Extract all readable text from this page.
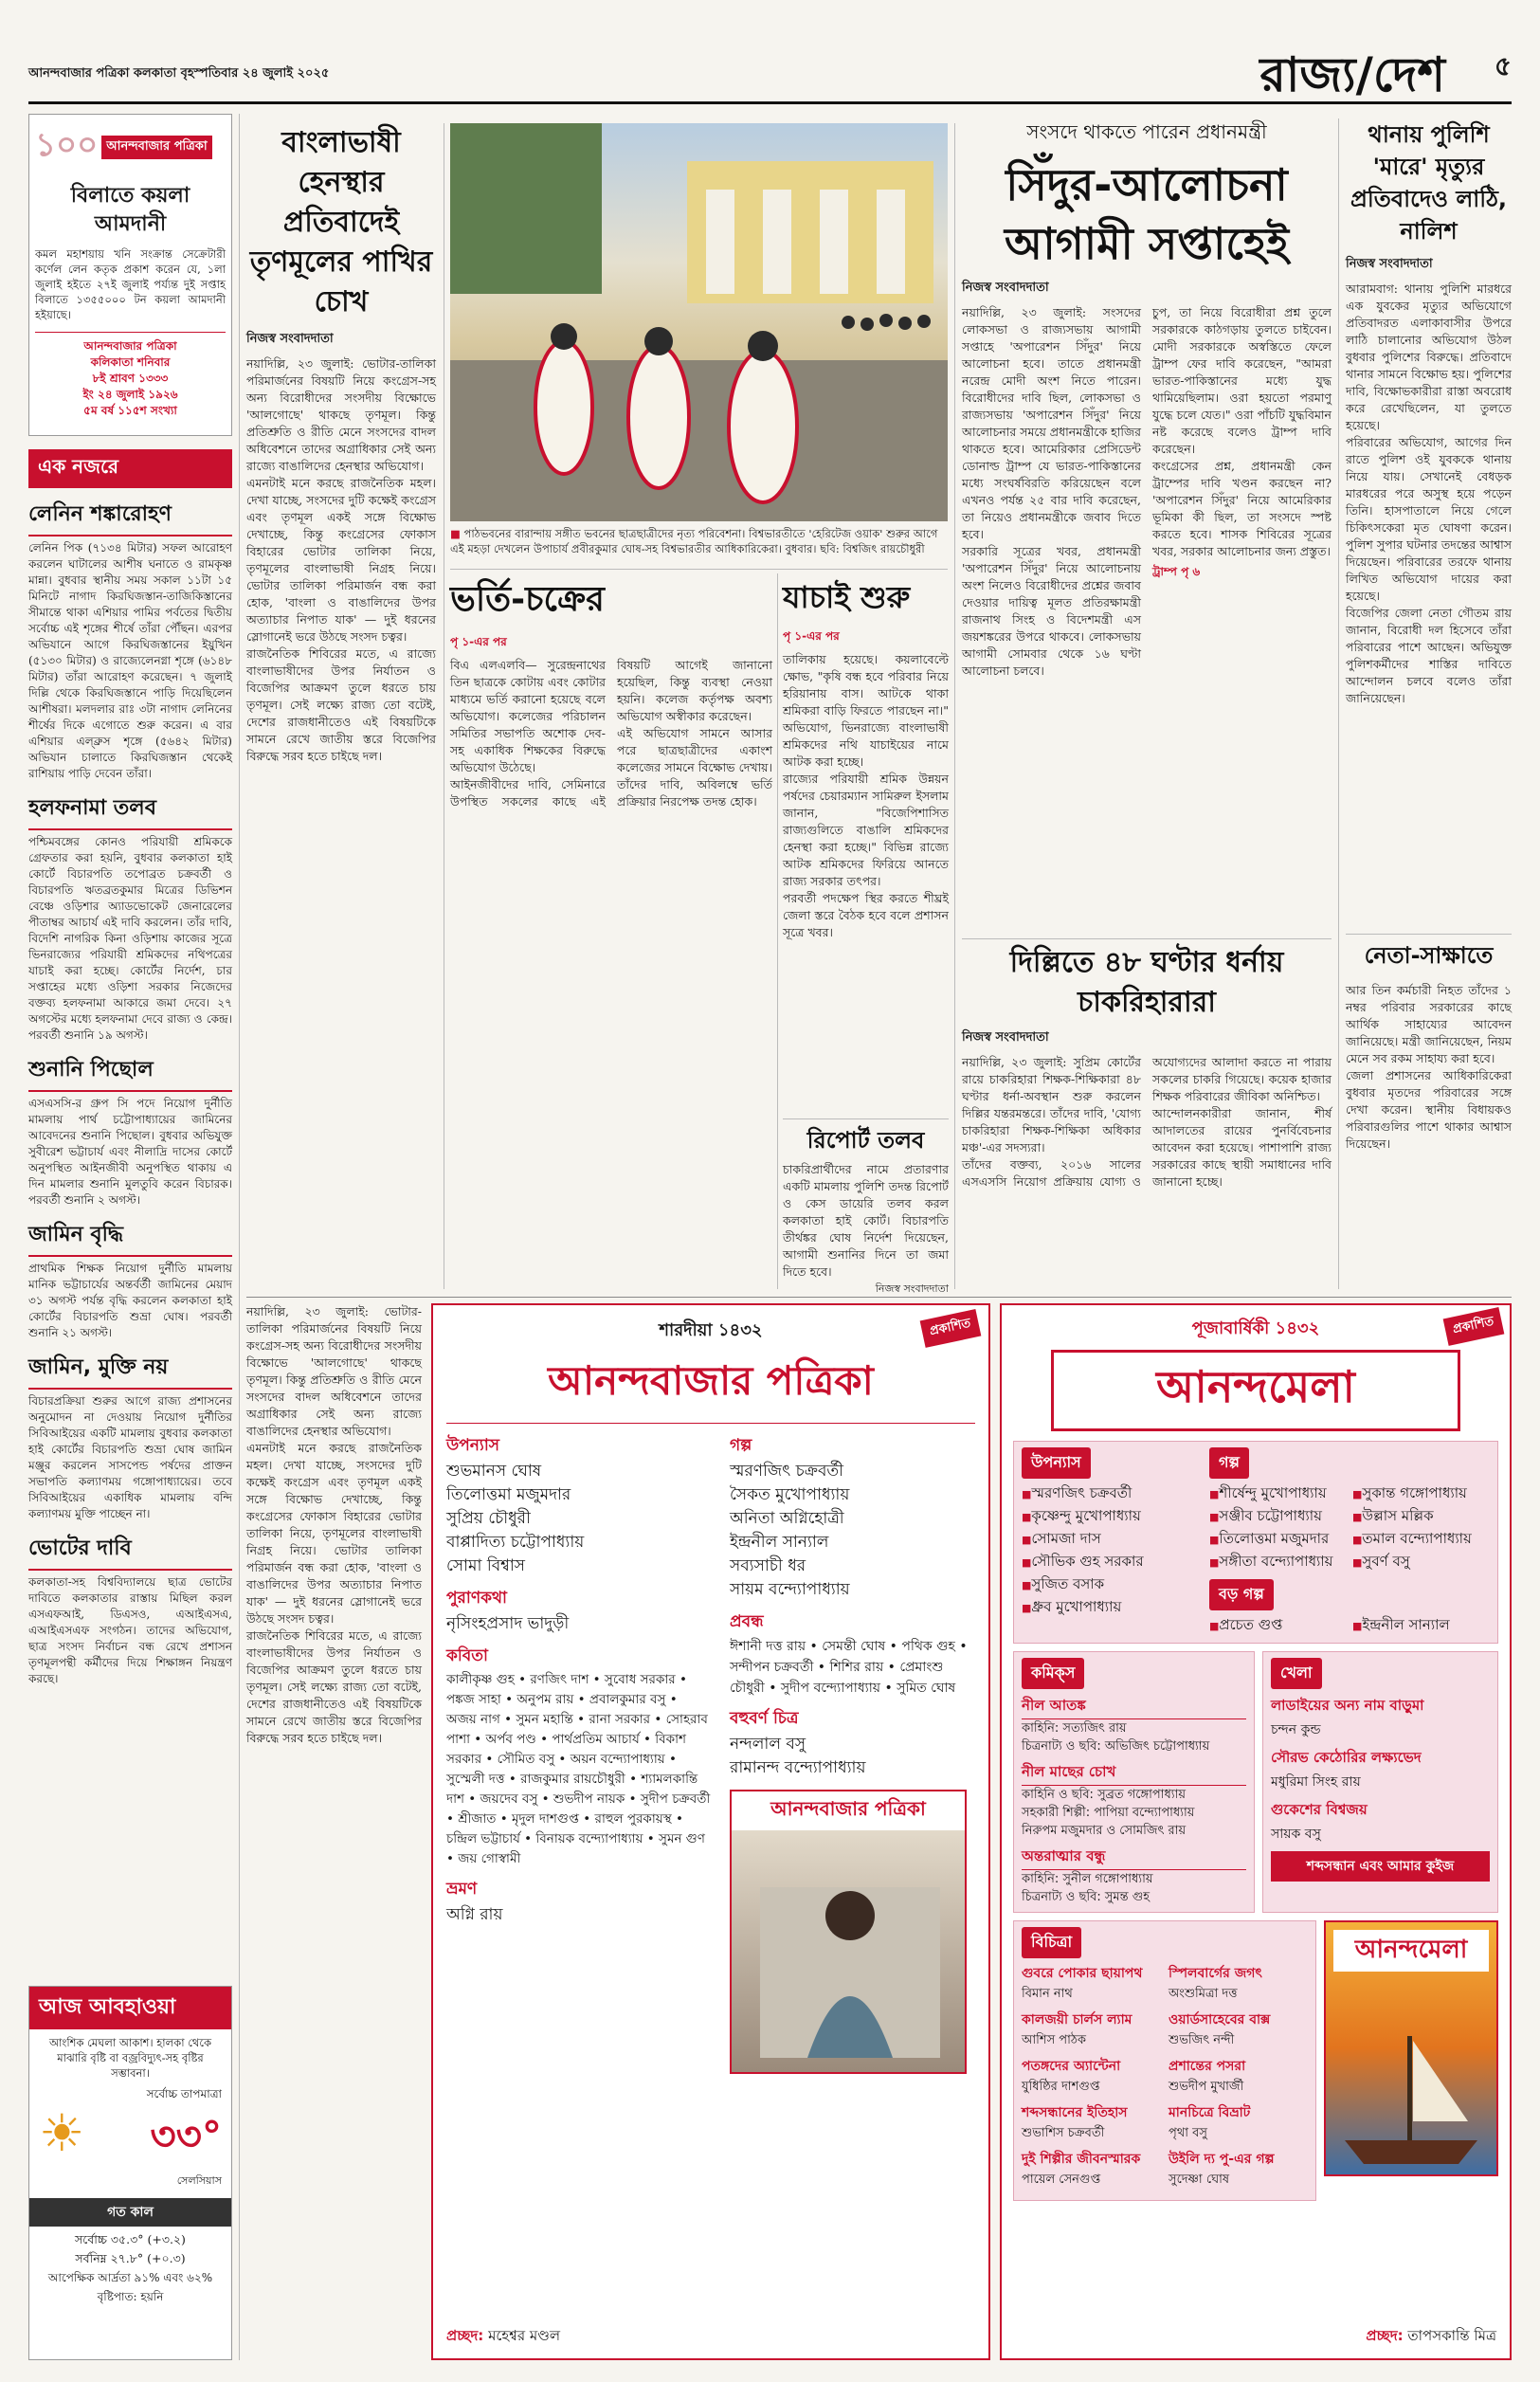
আনন্দবাজার পত্রিকা কলকাতা বৃহস্পতিবার ২৪ জুলাই ২০২৫	রাজ্য/দেশ ৫
১০০ আনন্দবাজার পত্রিকা
বিলাতে কয়লা আমদানী
কমল মহাশয়ায় খনি সংক্রান্ত সেক্রেটারী কর্ণেল লেন কতৃক প্রকাশ করেন যে, ১লা জুলাই হইতে ২৭ই জুলাই পর্য্যন্ত দুই সপ্তাহ বিলাতে ১৩৫৫০০০ টন কয়লা আমদানী হইয়াছে।
আনন্দবাজার পত্রিকা
কলিকাতা শনিবার
৮ই শ্রাবণ ১৩৩৩
ইং ২৪ জুলাই ১৯২৬
৫ম বর্ষ ১১৫শ সংখ্যা
এক নজরে
লেনিন শঙ্কারোহণ
লেনিন পিক (৭১৩৪ মিটার) সফল আরোহণ করলেন ঘাটালের আশীষ ঘনাতে ও রামকৃষ্ণ মান্না। বুধবার স্থানীয় সময় সকাল ১১টা ১৫ মিনিটে নাগাদ কিরঘিজস্তান-তাজিকিস্তানের সীমান্তে থাকা এশিয়ার পামির পর্বতের দ্বিতীয় সর্বোচ্চ এই শৃঙ্গের শীর্ষে তাঁরা পৌঁছন। এরপর অভিযানে আগে কিরঘিজস্তানের ইয়ুখিন (৫১৩০ মিটার) ও রাজ্যেলেনগ্না শৃঙ্গে (৬১৪৮ মিটার) তাঁরা আরোহণ করেছেন। ৭ জুলাই দিল্লি থেকে কিরঘিজস্তানে পাড়ি দিয়েছিলেন আশীষরা। মলদলার রাঃ ৩টা নাগাদ লেনিনের শীর্ষের দিকে এগোতে শুরু করেন। এ বার এশিয়ার এল্‌ব্রুস শৃঙ্গে (৫৬৪২ মিটার) অভিযান চালাতে কিরঘিজস্তান থেকেই রাশিয়ায় পাড়ি দেবেন তাঁরা।
হলফনামা তলব
পশ্চিমবঙ্গের কোনও পরিযায়ী শ্রমিককে গ্রেফতার করা হয়নি, বুধবার কলকাতা হাই কোর্টে বিচারপতি তপোব্রত চক্রবর্তী ও বিচারপতি ঋতব্রতকুমার মিত্রের ডিভিশন বেঞ্চে ওড়িশার অ্যাডভোকেট জেনারেলের পীতাম্বর আচার্য এই দাবি করলেন। তাঁর দাবি, বিদেশি নাগরিক কিনা ওড়িশায় কাজের সূত্রে ভিনরাজ্যের পরিযায়ী শ্রমিকদের নথিপত্রের যাচাই করা হচ্ছে। কোর্টের নির্দেশ, চার সপ্তাহের মধ্যে ওড়িশা সরকার নিজেদের বক্তব্য হলফনামা আকারে জমা দেবে। ২৭ অগস্টের মধ্যে হলফনামা দেবে রাজ্য ও কেন্দ্র। পরবর্তী শুনানি ১৯ অগস্ট।
শুনানি পিছোল
এসএসসি-র গ্রুপ সি পদে নিয়োগ দুর্নীতি মামলায় পার্থ চট্টোপাধ্যায়ের জামিনের আবেদনের শুনানি পিছোল। বুধবার অভিযুক্ত সুবীরেশ ভট্টাচার্য এবং নীলাদ্রি দাসের কোর্টে অনুপস্থিত আইনজীবী অনুপস্থিত থাকায় এ দিন মামলার শুনানি মুলতুবি করেন বিচারক। পরবর্তী শুনানি ২ অগস্ট।
জামিন বৃদ্ধি
প্রাথমিক শিক্ষক নিয়োগ দুর্নীতি মামলায় মানিক ভট্টাচার্যের অন্তর্বর্তী জামিনের মেয়াদ ৩১ অগস্ট পর্যন্ত বৃদ্ধি করলেন কলকাতা হাই কোর্টের বিচারপতি শুভ্রা ঘোষ। পরবর্তী শুনানি ২১ অগস্ট।
জামিন, মুক্তি নয়
বিচারপ্রক্রিয়া শুরুর আগে রাজ্য প্রশাসনের অনুমোদন না দেওয়ায় নিয়োগ দুর্নীতির সিবিআইয়ের একটি মামলায় বুধবার কলকাতা হাই কোর্টের বিচারপতি শুভ্রা ঘোষ জামিন মঞ্জুর করলেন সাসপেন্ড পর্ষদের প্রাক্তন সভাপতি কল্যাণময় গঙ্গোপাধ্যায়ের। তবে সিবিআইয়ের একাধিক মামলায় বন্দি কল্যাণময় মুক্তি পাচ্ছেন না।
ভোটের দাবি
কলকাতা-সহ বিশ্ববিদ্যালয়ে ছাত্র ভোটের দাবিতে কলকাতার রাস্তায় মিছিল করল এসএফআই, ডিএসও, এআইএসএ, এআইএসএফ সংগঠন। তাদের অভিযোগ, ছাত্র সংসদ নির্বাচন বন্ধ রেখে প্রশাসন তৃণমূলপন্থী কর্মীদের দিয়ে শিক্ষাঙ্গন নিয়ন্ত্রণ করছে।
আজ আবহাওয়া
আংশিক মেঘলা আকাশ। হালকা থেকে মাঝারি বৃষ্টি বা বজ্রবিদ্যুৎ-সহ বৃষ্টির সম্ভাবনা।
সর্বোচ্চ তাপমাত্রা
☀ ৩৩°
সেলসিয়াস
গত কাল
সর্বোচ্চ ৩৫.৩° (+৩.২)
সর্বনিম্ন ২৭.৮° (+০.৩)
আপেক্ষিক আর্দ্রতা ৯১% এবং ৬২%
বৃষ্টিপাত: হয়নি
বাংলাভাষী হেনস্থার প্রতিবাদেই তৃণমূলের পাখির চোখ
নিজস্ব সংবাদদাতা
নয়াদিল্লি, ২৩ জুলাই: ভোটার-তালিকা পরিমার্জনের বিষয়টি নিয়ে কংগ্রেস-সহ অন্য বিরোধীদের সংসদীয় বিক্ষোভে 'আলগোছে' থাকছে তৃণমূল। কিন্তু প্রতিশ্রুতি ও রীতি মেনে সংসদের বাদল অধিবেশনে তাদের অগ্রাধিকার সেই অন্য রাজ্যে বাঙালিদের হেনস্থার অভিযোগ।
এমনটাই মনে করছে রাজনৈতিক মহল। দেখা যাচ্ছে, সংসদের দুটি কক্ষেই কংগ্রেস এবং তৃণমূল একই সঙ্গে বিক্ষোভ দেখাচ্ছে, কিন্তু কংগ্রেসের ফোকাস বিহারের ভোটার তালিকা নিয়ে, তৃণমূলের বাংলাভাষী নিগ্রহ নিয়ে। ভোটার তালিকা পরিমার্জন বন্ধ করা হোক, 'বাংলা ও বাঙালিদের উপর অত্যাচার নিপাত যাক' — দুই ধরনের স্লোগানেই ভরে উঠছে সংসদ চত্বর।
রাজনৈতিক শিবিরের মতে, এ রাজ্যে বাংলাভাষীদের উপর নির্যাতন ও বিজেপির আক্রমণ তুলে ধরতে চায় তৃণমূল। সেই লক্ষ্যে রাজ্য তো বটেই, দেশের রাজধানীতেও এই বিষয়টিকে সামনে রেখে জাতীয় স্তরে বিজেপির বিরুদ্ধে সরব হতে চাইছে দল।
■ পাঠভবনের বারান্দায় সঙ্গীত ভবনের ছাত্রছাত্রীদের নৃত্য পরিবেশনা। বিশ্বভারতীতে 'হেরিটেজ ওয়াক' শুরুর আগে এই মহড়া দেখলেন উপাচার্য প্রবীরকুমার ঘোষ-সহ বিশ্বভারতীর আধিকারিকেরা। বুধবার। ছবি: বিশ্বজিৎ রায়চৌধুরী
ভর্তি-চক্রের
পৃ ১-এর পর
বিএ এলএলবি— সুরেন্দ্রনাথের তিন ছাত্রকে কোটায় এবং কোটার মাধ্যমে ভর্তি করানো হয়েছে বলে অভিযোগ। কলেজের পরিচালন সমিতির সভাপতি অশোক দেব-সহ একাধিক শিক্ষকের বিরুদ্ধে অভিযোগ উঠেছে।
আইনজীবীদের দাবি, সেমিনারে উপস্থিত সকলের কাছে এই বিষয়টি আগেই জানানো হয়েছিল, কিন্তু ব্যবস্থা নেওয়া হয়নি। কলেজ কর্তৃপক্ষ অবশ্য অভিযোগ অস্বীকার করেছেন।
এই অভিযোগ সামনে আসার পরে ছাত্রছাত্রীদের একাংশ কলেজের সামনে বিক্ষোভ দেখায়। তাঁদের দাবি, অবিলম্বে ভর্তি প্রক্রিয়ার নিরপেক্ষ তদন্ত হোক।
যাচাই শুরু
পৃ ১-এর পর
তালিকায় হয়েছে। কয়লাবেল্টে ক্ষোভ, "কৃষি বন্ধ হবে পরিবার নিয়ে হরিয়ানায় বাস। আটকে থাকা শ্রমিকরা বাড়ি ফিরতে পারছেন না।" অভিযোগ, ভিনরাজ্যে বাংলাভাষী শ্রমিকদের নথি যাচাইয়ের নামে আটক করা হচ্ছে।
রাজ্যের পরিযায়ী শ্রমিক উন্নয়ন পর্ষদের চেয়ারম্যান সামিরুল ইসলাম জানান, "বিজেপিশাসিত রাজ্যগুলিতে বাঙালি শ্রমিকদের হেনস্থা করা হচ্ছে।" বিভিন্ন রাজ্যে আটক শ্রমিকদের ফিরিয়ে আনতে রাজ্য সরকার তৎপর।
পরবর্তী পদক্ষেপ স্থির করতে শীঘ্রই জেলা স্তরে বৈঠক হবে বলে প্রশাসন সূত্রে খবর।
সংসদে থাকতে পারেন প্রধানমন্ত্রী
সিঁদুর-আলোচনা আগামী সপ্তাহেই
নিজস্ব সংবাদদাতা
নয়াদিল্লি, ২৩ জুলাই: সংসদের লোকসভা ও রাজ্যসভায় আগামী সপ্তাহে 'অপারেশন সিঁদুর' নিয়ে আলোচনা হবে। তাতে প্রধানমন্ত্রী নরেন্দ্র মোদী অংশ নিতে পারেন। বিরোধীদের দাবি ছিল, লোকসভা ও রাজ্যসভায় 'অপারেশন সিঁদুর' নিয়ে আলোচনার সময়ে প্রধানমন্ত্রীকে হাজির থাকতে হবে। আমেরিকার প্রেসিডেন্ট ডোনাল্ড ট্রাম্প যে ভারত-পাকিস্তানের মধ্যে সংঘর্ষবিরতি করিয়েছেন বলে এখনও পর্যন্ত ২৫ বার দাবি করেছেন, তা নিয়েও প্রধানমন্ত্রীকে জবাব দিতে হবে।
সরকারি সূত্রের খবর, প্রধানমন্ত্রী 'অপারেশন সিঁদুর' নিয়ে আলোচনায় অংশ নিলেও বিরোধীদের প্রশ্নের জবাব দেওয়ার দায়িত্ব মূলত প্রতিরক্ষামন্ত্রী রাজনাথ সিংহ ও বিদেশমন্ত্রী এস জয়শঙ্করের উপরে থাকবে। লোকসভায় আগামী সোমবার থেকে ১৬ ঘণ্টা আলোচনা চলবে।
চুপ, তা নিয়ে বিরোধীরা প্রশ্ন তুলে সরকারকে কাঠগড়ায় তুলতে চাইবেন। মোদী সরকারকে অস্বস্তিতে ফেলে ট্রাম্প ফের দাবি করেছেন, "আমরা ভারত-পাকিস্তানের মধ্যে যুদ্ধ থামিয়েছিলাম। ওরা হয়তো পরমাণু যুদ্ধে চলে যেত।" ওরা পাঁচটি যুদ্ধবিমান নষ্ট করেছে বলেও ট্রাম্প দাবি করেছেন।
কংগ্রেসের প্রশ্ন, প্রধানমন্ত্রী কেন ট্রাম্পের দাবি খণ্ডন করছেন না? 'অপারেশন সিঁদুর' নিয়ে আমেরিকার ভূমিকা কী ছিল, তা সংসদে স্পষ্ট করতে হবে। শাসক শিবিরের সূত্রের খবর, সরকার আলোচনার জন্য প্রস্তুত।
ট্রাম্প পৃ ৬
দিল্লিতে ৪৮ ঘণ্টার ধর্নায় চাকরিহারারা
নিজস্ব সংবাদদাতা
নয়াদিল্লি, ২৩ জুলাই: সুপ্রিম কোর্টের রায়ে চাকরিহারা শিক্ষক-শিক্ষিকারা ৪৮ ঘণ্টার ধর্না-অবস্থান শুরু করলেন দিল্লির যন্তরমন্তরে। তাঁদের দাবি, 'যোগ্য চাকরিহারা শিক্ষক-শিক্ষিকা অধিকার মঞ্চ'-এর সদস্যরা।
তাঁদের বক্তব্য, ২০১৬ সালের এসএসসি নিয়োগ প্রক্রিয়ায় যোগ্য ও অযোগ্যদের আলাদা করতে না পারায় সকলের চাকরি গিয়েছে। কয়েক হাজার শিক্ষক পরিবারের জীবিকা অনিশ্চিত।
আন্দোলনকারীরা জানান, শীর্ষ আদালতের রায়ের পুনর্বিবেচনার আবেদন করা হয়েছে। পাশাপাশি রাজ্য সরকারের কাছে স্থায়ী সমাধানের দাবি জানানো হচ্ছে।
থানায় পুলিশি 'মারে' মৃত্যুর প্রতিবাদেও লাঠি, নালিশ
নিজস্ব সংবাদদাতা
আরামবাগ: থানায় পুলিশি মারধরে এক যুবকের মৃত্যুর অভিযোগে প্রতিবাদরত এলাকাবাসীর উপরে লাঠি চালানোর অভিযোগ উঠল বুধবার পুলিশের বিরুদ্ধে। প্রতিবাদে থানার সামনে বিক্ষোভ হয়। পুলিশের দাবি, বিক্ষোভকারীরা রাস্তা অবরোধ করে রেখেছিলেন, যা তুলতে হয়েছে।
পরিবারের অভিযোগ, আগের দিন রাতে পুলিশ ওই যুবককে থানায় নিয়ে যায়। সেখানেই বেধড়ক মারধরের পরে অসুস্থ হয়ে পড়েন তিনি। হাসপাতালে নিয়ে গেলে চিকিৎসকেরা মৃত ঘোষণা করেন। পুলিশ সুপার ঘটনার তদন্তের আশ্বাস দিয়েছেন। পরিবারের তরফে থানায় লিখিত অভিযোগ দায়ের করা হয়েছে।
বিজেপির জেলা নেতা গৌতম রায় জানান, বিরোধী দল হিসেবে তাঁরা পরিবারের পাশে আছেন। অভিযুক্ত পুলিশকর্মীদের শাস্তির দাবিতে আন্দোলন চলবে বলেও তাঁরা জানিয়েছেন।
নেতা-সাক্ষাতে
আর তিন কর্মচারী নিহত তাঁদের ১ নম্বর পরিবার সরকারের কাছে আর্থিক সাহায্যের আবেদন জানিয়েছে। মন্ত্রী জানিয়েছেন, নিয়ম মেনে সব রকম সাহায্য করা হবে।
জেলা প্রশাসনের আধিকারিকেরা বুধবার মৃতদের পরিবারের সঙ্গে দেখা করেন। স্থানীয় বিধায়কও পরিবারগুলির পাশে থাকার আশ্বাস দিয়েছেন।
রিপোর্ট তলব
চাকরিপ্রার্থীদের নামে প্রতারণার একটি মামলায় পুলিশি তদন্ত রিপোর্ট ও কেস ডায়েরি তলব করল কলকাতা হাই কোর্ট। বিচারপতি তীর্থঙ্কর ঘোষ নির্দেশ দিয়েছেন, আগামী শুনানির দিনে তা জমা দিতে হবে।
নিজস্ব সংবাদদাতা
শারদীয়া ১৪৩২
আনন্দবাজার পত্রিকা
প্রকাশিত
উপন্যাস
শুভমানস ঘোষ
তিলোত্তমা মজুমদার
সুপ্রিয় চৌধুরী
বাপ্পাদিত্য চট্টোপাধ্যায়
সোমা বিশ্বাস
পুরাণকথা
নৃসিংহপ্রসাদ ভাদুড়ী
কবিতা
কালীকৃষ্ণ গুহ • রণজিৎ দাশ • সুবোধ সরকার • পঙ্কজ সাহা • অনুপম রায় • প্রবালকুমার বসু • অজয় নাগ • সুমন মহান্তি • রানা সরকার • সোহরাব পাশা • অর্পব পণ্ড • পার্থপ্রতিম আচার্য • বিকাশ সরকার • সৌমিত বসু • অয়ন বন্দ্যোপাধ্যায় • সুস্মেলী দত্ত • রাজকুমার রায়চৌধুরী • শ্যামলকান্তি দাশ • জয়দেব বসু • শুভদীপ নায়ক • সুদীপ চক্রবর্তী • শ্রীজাত • মৃদুল দাশগুপ্ত • রাহুল পুরকায়স্থ • চন্দ্রিল ভট্টাচার্য • বিনায়ক বন্দ্যোপাধ্যায় • সুমন গুণ • জয় গোস্বামী
ভ্রমণ
অগ্নি রায়
গল্প
স্মরণজিৎ চক্রবর্তী
সৈকত মুখোপাধ্যায়
অনিতা অগ্নিহোত্রী
ইন্দ্রনীল সান্যাল
সব্যসাচী ধর
সায়ম বন্দ্যোপাধ্যায়
প্রবন্ধ
ঈশানী দত্ত রায় • সেমন্তী ঘোষ • পথিক গুহ • সন্দীপন চক্রবর্তী • শিশির রায় • প্রেমাংশু চৌধুরী • সুদীপ বন্দ্যোপাধ্যায় • সুমিত ঘোষ
বহুবর্ণ চিত্র
নন্দলাল বসু
রামানন্দ বন্দ্যোপাধ্যায়
আনন্দবাজার পত্রিকা
প্রচ্ছদ: মহেশ্বর মণ্ডল
পূজাবার্ষিকী ১৪৩২
আনন্দমেলা
প্রকাশিত
উপন্যাস
■ স্মরণজিৎ চক্রবর্তী
■ কৃষ্ণেন্দু মুখোপাধ্যায়
■ সোমজা দাস
■ সৌভিক গুহ সরকার
■ সুজিত বসাক
■ ধ্রুব মুখোপাধ্যায়
গল্প
■ শীর্ষেন্দু মুখোপাধ্যায়
■ সঞ্জীব চট্টোপাধ্যায়
■ তিলোত্তমা মজুমদার
■ সঙ্গীতা বন্দ্যোপাধ্যায়
■ সুকান্ত গঙ্গোপাধ্যায়
■ উল্লাস মল্লিক
■ তমাল বন্দ্যোপাধ্যায়
■ সুবর্ণ বসু
বড় গল্প
■ প্রচেত গুপ্ত
■	ইন্দ্রনীল সান্যাল
কমিক্‌স
নীল আতঙ্ক
কাহিনি: সত্যজিৎ রায়
চিত্রনাট্য ও ছবি: অভিজিৎ চট্টোপাধ্যায়
নীল মাছের চোখ
কাহিনি ও ছবি: সুব্রত গঙ্গোপাধ্যায়
সহকারী শিল্পী: পাপিয়া বন্দ্যোপাধ্যায়
নিরুপম মজুমদার ও সোমজিৎ রায়
অন্তরাত্মার বন্ধু
কাহিনি: সুনীল গঙ্গোপাধ্যায়
চিত্রনাট্য ও ছবি: সুমন্ত গুহ
খেলা
লাডাইয়ের অন্য নাম বাড়ুমা
চন্দন কুন্ড
সৌরভ কেঠোরির লক্ষ্যভেদ
মধুরিমা সিংহ রায়
গুকেশের বিশ্বজয়
সায়ক বসু
শব্দসন্ধান এবং আমার কুইজ
বিচিত্রা
গুবরে পোকার ছায়াপথ
বিমান নাথ
কালজয়ী চার্লস ল্যাম
আশিস পাঠক
পতঙ্গদের অ্যান্টেনা
যুধিষ্ঠির দাশগুপ্ত
শব্দসন্ধানের ইতিহাস
শুভাশিস চক্রবর্তী
দুই শিল্পীর জীবনস্মারক
পায়েল সেনগুপ্ত
স্পিলবার্গের জগৎ
অংশুমিত্রা দত্ত
ওয়ার্ডসাহেবের বাক্স
শুভজিৎ নন্দী
প্রশান্তের পসরা
শুভদীপ মুখার্জী
মানচিত্রে বিভ্রাট
পৃথা বসু
উইলি দ্য পু-এর গল্প
সুদেষ্ণা ঘোষ
আনন্দমেলা
প্রচ্ছদ: তাপসকান্তি মিত্র
নয়াদিল্লি, ২৩ জুলাই: ভোটার-তালিকা পরিমার্জনের বিষয়টি নিয়ে কংগ্রেস-সহ অন্য বিরোধীদের সংসদীয় বিক্ষোভে 'আলগোছে' থাকছে তৃণমূল। কিন্তু প্রতিশ্রুতি ও রীতি মেনে সংসদের বাদল অধিবেশনে তাদের অগ্রাধিকার সেই অন্য রাজ্যে বাঙালিদের হেনস্থার অভিযোগ।
এমনটাই মনে করছে রাজনৈতিক মহল। দেখা যাচ্ছে, সংসদের দুটি কক্ষেই কংগ্রেস এবং তৃণমূল একই সঙ্গে বিক্ষোভ দেখাচ্ছে, কিন্তু কংগ্রেসের ফোকাস বিহারের ভোটার তালিকা নিয়ে, তৃণমূলের বাংলাভাষী নিগ্রহ নিয়ে। ভোটার তালিকা পরিমার্জন বন্ধ করা হোক, 'বাংলা ও বাঙালিদের উপর অত্যাচার নিপাত যাক' — দুই ধরনের স্লোগানেই ভরে উঠছে সংসদ চত্বর।
রাজনৈতিক শিবিরের মতে, এ রাজ্যে বাংলাভাষীদের উপর নির্যাতন ও বিজেপির আক্রমণ তুলে ধরতে চায় তৃণমূল। সেই লক্ষ্যে রাজ্য তো বটেই, দেশের রাজধানীতেও এই বিষয়টিকে সামনে রেখে জাতীয় স্তরে বিজেপির বিরুদ্ধে সরব হতে চাইছে দল।
